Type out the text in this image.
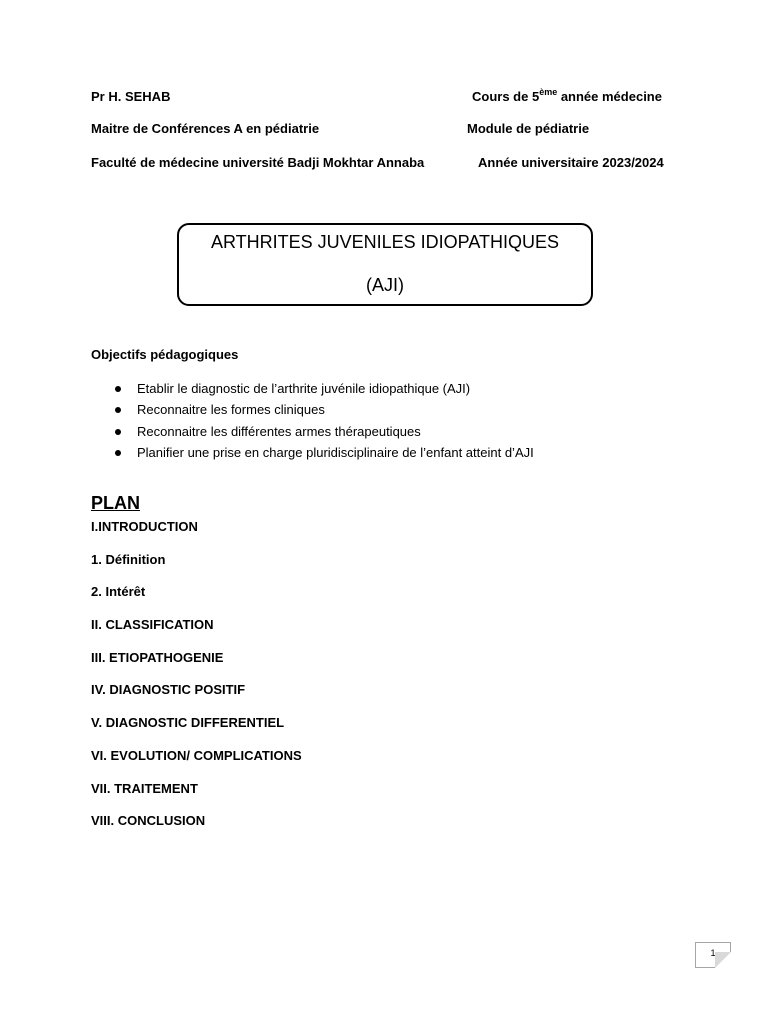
Pr H. SEHAB	Cours de 5ème année médecine
Maitre de Conférences A en pédiatrie	Module de pédiatrie
Faculté de médecine université Badji Mokhtar Annaba	Année universitaire 2023/2024
ARTHRITES JUVENILES IDIOPATHIQUES
(AJI)
Objectifs pédagogiques
Etablir le diagnostic de l’arthrite juvénile idiopathique (AJI)
Reconnaitre les formes cliniques
Reconnaitre les différentes armes thérapeutiques
Planifier une prise en charge pluridisciplinaire de l’enfant atteint d’AJI
PLAN
I.INTRODUCTION
1. Définition
2. Intérêt
II. CLASSIFICATION
III. ETIOPATHOGENIE
IV. DIAGNOSTIC POSITIF
V. DIAGNOSTIC DIFFERENTIEL
VI. EVOLUTION/ COMPLICATIONS
VII. TRAITEMENT
VIII. CONCLUSION
1
